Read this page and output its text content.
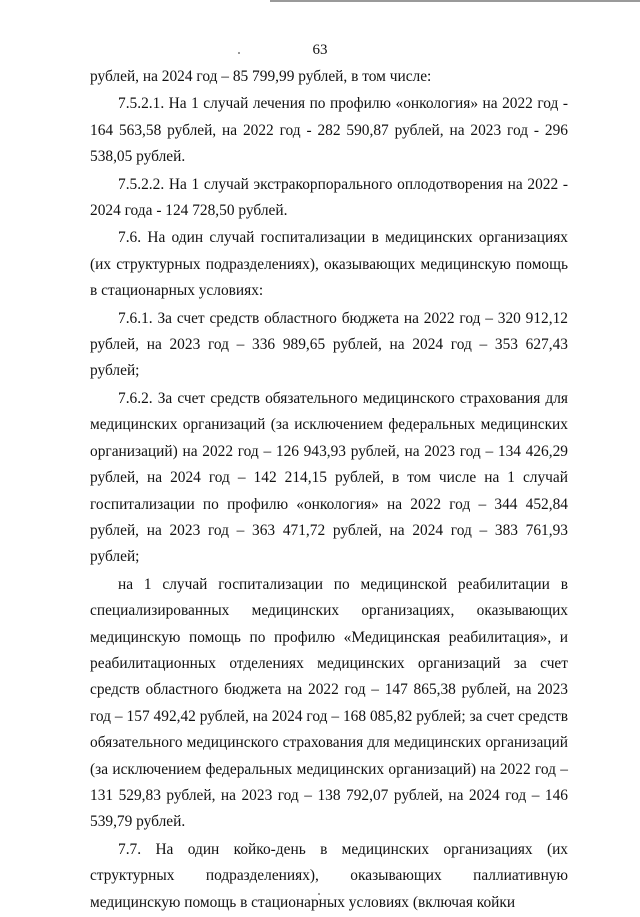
63

рублей, на 2024 год – 85 799,99 рублей, в том числе:

7.5.2.1. На 1 случай лечения по профилю «онкология» на 2022 год - 164 563,58 рублей, на 2022 год - 282 590,87 рублей, на 2023 год - 296 538,05 рублей.

7.5.2.2. На 1 случай экстракорпорального оплодотворения на 2022 - 2024 года - 124 728,50 рублей.

7.6. На один случай госпитализации в медицинских организациях (их структурных подразделениях), оказывающих медицинскую помощь в стационарных условиях:

7.6.1. За счет средств областного бюджета на 2022 год – 320 912,12 рублей, на 2023 год – 336 989,65 рублей, на 2024 год – 353 627,43 рублей;

7.6.2. За счет средств обязательного медицинского страхования для медицинских организаций (за исключением федеральных медицинских организаций) на 2022 год – 126 943,93 рублей, на 2023 год – 134 426,29 рублей, на 2024 год – 142 214,15 рублей, в том числе на 1 случай госпитализации по профилю «онкология» на 2022 год – 344 452,84 рублей, на 2023 год – 363 471,72 рублей, на 2024 год – 383 761,93 рублей;

на 1 случай госпитализации по медицинской реабилитации в специализированных медицинских организациях, оказывающих медицинскую помощь по профилю «Медицинская реабилитация», и реабилитационных отделениях медицинских организаций за счет средств областного бюджета на 2022 год – 147 865,38 рублей, на 2023 год – 157 492,42 рублей, на 2024 год – 168 085,82 рублей; за счет средств обязательного медицинского страхования для медицинских организаций (за исключением федеральных медицинских организаций) на 2022 год – 131 529,83 рублей, на 2023 год – 138 792,07 рублей, на 2024 год – 146 539,79 рублей.

7.7. На один койко-день в медицинских организациях (их структурных подразделениях), оказывающих паллиативную медицинскую помощь в стационарных условиях (включая койки
